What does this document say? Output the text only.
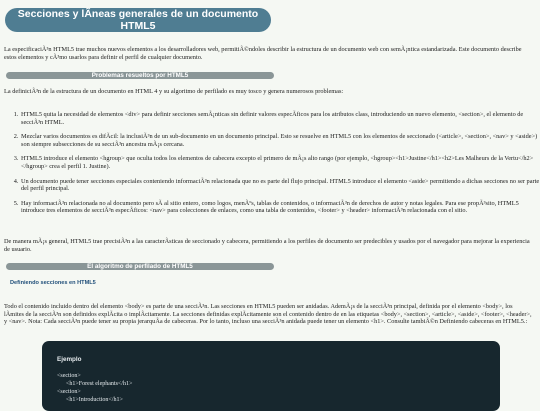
Secciones y lÃneas generales de un documento HTML5

La especificaciÃ³n HTML5 trae muchos nuevos elementos a los desarrolladores web, permitiÃ©ndoles describir la estructura de un documento web con semÃ¡ntica estandarizada. Este documento describe estos elementos y cÃ³mo usarlos para definir el perfil de cualquier documento.

Problemas resueltos por HTML5

La definiciÃ³n de la estructura de un documento en HTML 4 y su algoritmo de perfilado es muy tosco y genera numerosos problemas:

1. HTML5 quita la necesidad de elementos <div> para definir secciones semÃ¡nticas sin definir valores especÃficos para los atributos class, introduciendo un nuevo elemento, <section>, el elemento de secciÃ³n HTML.
2. Mezclar varios documentos es difÃcil: la inclusiÃ³n de un sub-documento en un documento principal. Esto se resuelve en HTML5 con los elementos de seccionado (<article>, <section>, <nav> y <aside>) son siempre subsecciones de su secciÃ³n ancestra mÃ¡s cercana.
3. HTML5 introduce el elemento <hgroup> que oculta todos los elementos de cabecera excepto el primero de mÃ¡s alto rango (por ejemplo, <hgroup><h1>Justine</h1><h2>Les Malheurs de la Vertu</h2></hgroup> crea el perfil 1. Justine).
4. Un documento puede tener secciones especiales conteniendo informaciÃ³n relacionada que no es parte del flujo principal. HTML5 introduce el elemento <aside> permitiendo a dichas secciones no ser parte del perfil principal.
5. Hay informaciÃ³n relacionada no al documento pero sÃ al sitio entero, como logos, menÃºs, tablas de contenidos, o informaciÃ³n de derechos de autor y notas legales. Para ese propÃ³sito, HTML5 introduce tres elementos de secciÃ³n especÃficos: <nav> para colecciones de enlaces, como una tabla de contenidos, <footer> y <header> informaciÃ³n relacionada con el sitio.

De manera mÃ¡s general, HTML5 trae precisiÃ³n a las caracterÃsticas de seccionado y cabecera, permitiendo a los perfiles de documento ser predecibles y usados por el navegador para mejorar la experiencia de usuario.

El algoritmo de perfilado de HTML5
Definiendo secciones en HTML5

Todo el contenido incluido dentro del elemento <body> es parte de una secciÃ³n. Las secciones en HTML5 pueden ser anidadas. AdemÃ¡s de la secciÃ³n principal, definida por el elemento <body>, los lÃmites de la secciÃ³n son definidos explÃcita o implÃcitamente. La secciones definidas explÃcitamente son el contenido dentro de en las etiquetas <body>, <section>, <article>, <aside>, <footer>, <header>, y <nav>. Nota: Cada secciÃ³n puede tener su propia jerarquÃa de cabeceras. Por lo tanto, incluso una secciÃ³n anidada puede tener un elemento <h1>. Consulte tambiÃ©n Definiendo cabeceras en HTML5.:

Ejemplo
<section>
<h1>Forest elephants</h1>
<section>
<h1>Introduction</h1>
